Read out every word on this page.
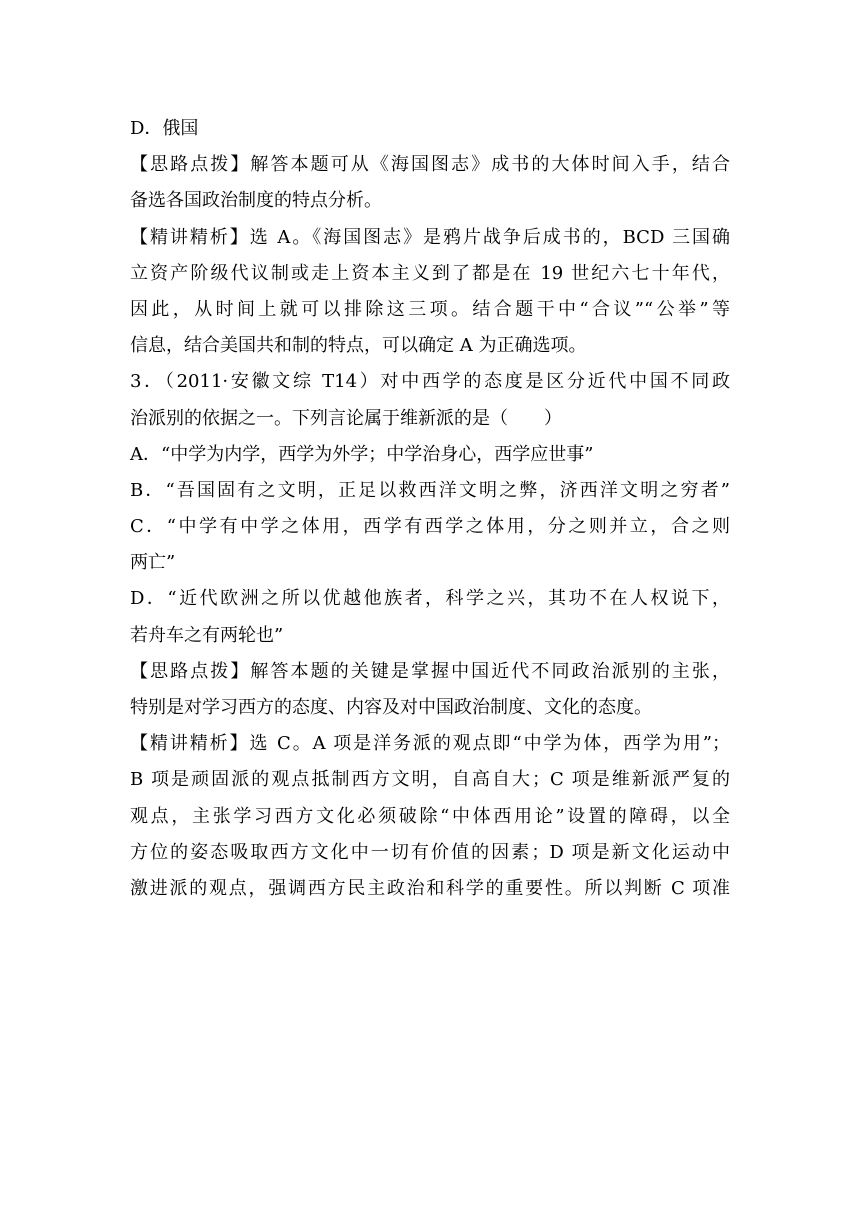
D．俄国
【思路点拨】解答本题可从《海国图志》成书的大体时间入手，结合
备选各国政治制度的特点分析。
【精讲精析】选 A。《海国图志》是鸦片战争后成书的，BCD 三国确
立资产阶级代议制或走上资本主义到了都是在 19 世纪六七十年代，
因此，从时间上就可以排除这三项。结合题干中“合议”“公举”等
信息，结合美国共和制的特点，可以确定 A 为正确选项。
3．（2011·安徽文综 T14）对中西学的态度是区分近代中国不同政
治派别的依据之一。下列言论属于维新派的是（　　）
A．“中学为内学，西学为外学；中学治身心，西学应世事”
B．“吾国固有之文明，正足以救西洋文明之弊，济西洋文明之穷者”
C．“中学有中学之体用，西学有西学之体用，分之则并立，合之则
两亡”
D．“近代欧洲之所以优越他族者，科学之兴，其功不在人权说下，
若舟车之有两轮也”
【思路点拨】解答本题的关键是掌握中国近代不同政治派别的主张，
特别是对学习西方的态度、内容及对中国政治制度、文化的态度。
【精讲精析】选 C。A 项是洋务派的观点即“中学为体，西学为用”；
B 项是顽固派的观点抵制西方文明，自高自大；C 项是维新派严复的
观点，主张学习西方文化必须破除“中体西用论”设置的障碍，以全
方位的姿态吸取西方文化中一切有价值的因素；D 项是新文化运动中
激进派的观点，强调西方民主政治和科学的重要性。所以判断 C 项准
